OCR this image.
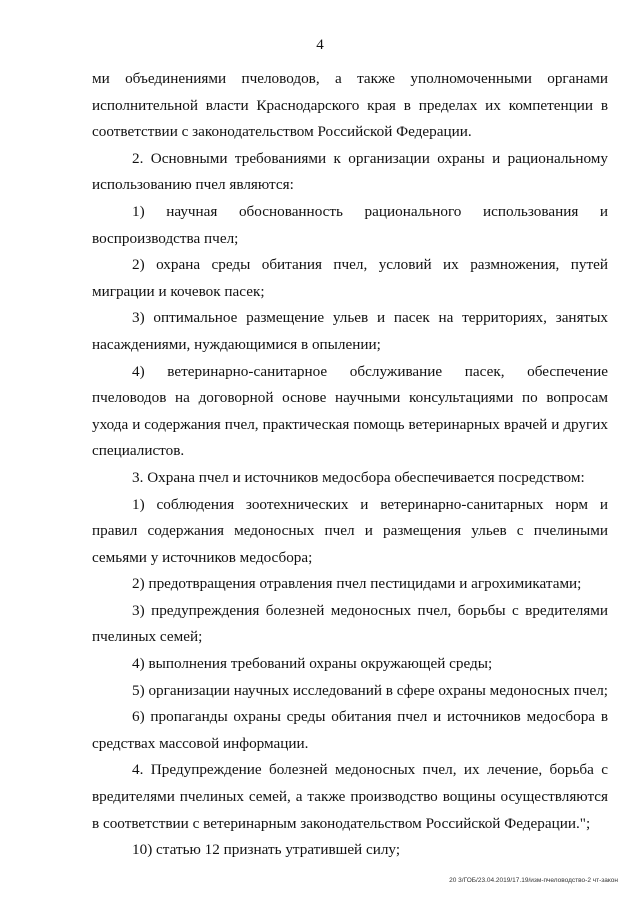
4

ми объединениями пчеловодов, а также уполномоченными органами исполнительной власти Краснодарского края в пределах их компетенции в соответствии с законодательством Российской Федерации.

2. Основными требованиями к организации охраны и рациональному использованию пчел являются:

1) научная обоснованность рационального использования и воспроизводства пчел;

2) охрана среды обитания пчел, условий их размножения, путей миграции и кочевок пасек;

3) оптимальное размещение ульев и пасек на территориях, занятых насаждениями, нуждающимися в опылении;

4) ветеринарно-санитарное обслуживание пасек, обеспечение пчеловодов на договорной основе научными консультациями по вопросам ухода и содержания пчел, практическая помощь ветеринарных врачей и других специалистов.

3. Охрана пчел и источников медосбора обеспечивается посредством:

1) соблюдения зоотехнических и ветеринарно-санитарных норм и правил содержания медоносных пчел и размещения ульев с пчелиными семьями у источников медосбора;

2) предотвращения отравления пчел пестицидами и агрохимикатами;

3) предупреждения болезней медоносных пчел, борьбы с вредителями пчелиных семей;

4) выполнения требований охраны окружающей среды;

5) организации научных исследований в сфере охраны медоносных пчел;

6) пропаганды охраны среды обитания пчел и источников медосбора в средствах массовой информации.

4. Предупреждение болезней медоносных пчел, их лечение, борьба с вредителями пчелиных семей, а также производство вощины осуществляются в соответствии с ветеринарным законодательством Российской Федерации.";

10) статью 12 признать утратившей силу;

20 3/ГОБ/23.04.2019/17.19/изм-пчеловодство-2 чт-закон
